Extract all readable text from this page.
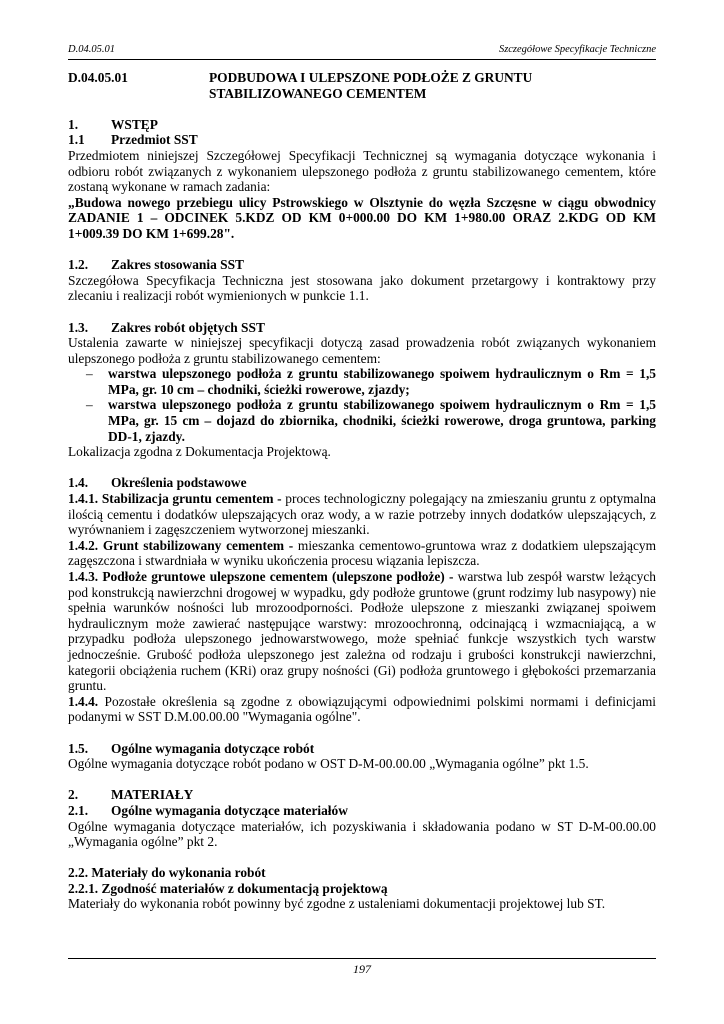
D.04.05.01	Szczegółowe Specyfikacje Techniczne
D.04.05.01	PODBUDOWA I ULEPSZONE PODŁOŻE Z GRUNTU
STABILIZOWANEGO CEMENTEM
1.	WSTĘP
1.1	Przedmiot SST

Przedmiotem niniejszej Szczegółowej Specyfikacji Technicznej są wymagania dotyczące wykonania i odbioru robót związanych z wykonaniem ulepszonego podłoża z gruntu stabilizowanego cementem, które zostaną wykonane w ramach zadania:

„Budowa nowego przebiegu ulicy Pstrowskiego w Olsztynie do węzła Szczęsne w ciągu obwodnicy ZADANIE 1 – ODCINEK 5.KDZ OD KM 0+000.00 DO KM 1+980.00 ORAZ 2.KDG OD KM 1+009.39 DO KM 1+699.28".

1.2.	Zakres stosowania SST

Szczegółowa Specyfikacja Techniczna jest stosowana jako dokument przetargowy i kontraktowy przy zlecaniu i realizacji robót wymienionych w punkcie 1.1.

1.3.	Zakres robót objętych SST

Ustalenia zawarte w niniejszej specyfikacji dotyczą zasad prowadzenia robót związanych wykonaniem ulepszonego podłoża z gruntu stabilizowanego cementem:

–	warstwa ulepszonego podłoża z gruntu stabilizowanego spoiwem hydraulicznym o Rm = 1,5 MPa, gr. 10 cm – chodniki, ścieżki rowerowe, zjazdy;
–	warstwa ulepszonego podłoża z gruntu stabilizowanego spoiwem hydraulicznym o Rm = 1,5 MPa, gr. 15 cm – dojazd do zbiornika, chodniki, ścieżki rowerowe, droga gruntowa, parking DD-1, zjazdy.

Lokalizacja zgodna z Dokumentacja Projektową.

1.4.	Określenia podstawowe

1.4.1. Stabilizacja gruntu cementem - proces technologiczny polegający na zmieszaniu gruntu z optymalna ilością cementu i dodatków ulepszających oraz wody, a w razie potrzeby innych dodatków ulepszających, z wyrównaniem i zagęszczeniem wytworzonej mieszanki.

1.4.2. Grunt stabilizowany cementem - mieszanka cementowo-gruntowa wraz z dodatkiem ulepszającym zagęszczona i stwardniała w wyniku ukończenia procesu wiązania lepiszcza.

1.4.3. Podłoże gruntowe ulepszone cementem (ulepszone podłoże) - warstwa lub zespół warstw leżących pod konstrukcją nawierzchni drogowej w wypadku, gdy podłoże gruntowe (grunt rodzimy lub nasypowy) nie spełnia warunków nośności lub mrozoodporności. Podłoże ulepszone z mieszanki związanej spoiwem hydraulicznym może zawierać następujące warstwy: mrozoochronną, odcinającą i wzmacniającą, a w przypadku podłoża ulepszonego jednowarstwowego, może spełniać funkcje wszystkich tych warstw jednocześnie. Grubość podłoża ulepszonego jest zależna od rodzaju i grubości konstrukcji nawierzchni, kategorii obciążenia ruchem (KRi) oraz grupy nośności (Gi) podłoża gruntowego i głębokości przemarzania gruntu.

1.4.4. Pozostałe określenia są zgodne z obowiązującymi odpowiednimi polskimi normami i definicjami podanymi w SST D.M.00.00.00 "Wymagania ogólne".

1.5.	Ogólne wymagania dotyczące robót

Ogólne wymagania dotyczące robót podano w OST D-M-00.00.00 „Wymagania ogólne” pkt 1.5.

2.	MATERIAŁY
2.1.	Ogólne wymagania dotyczące materiałów

Ogólne wymagania dotyczące materiałów, ich pozyskiwania i składowania podano w ST D-M-00.00.00 „Wymagania ogólne” pkt 2.

2.2. Materiały do wykonania robót

2.2.1. Zgodność materiałów z dokumentacją projektową

Materiały do wykonania robót powinny być zgodne z ustaleniami dokumentacji projektowej lub ST.

197
